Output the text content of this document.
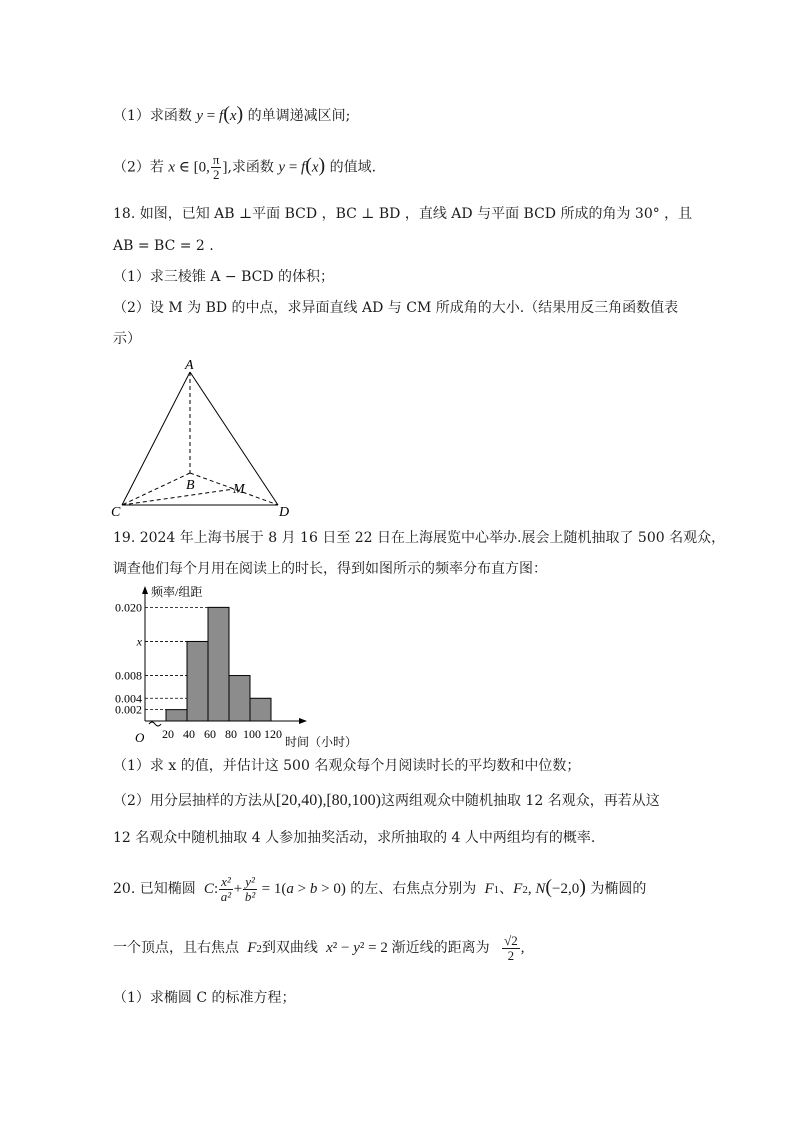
（1）求函数 y = f(x) 的单调递减区间;
（2）若 x ∈ [0, $\frac{\pi}{2}$ ],求函数 y = f(x) 的值域.
18. 如图，已知 AB ⊥平面 BCD ，BC ⊥ BD ，直线 AD 与平面 BCD 所成的角为 30° ，且
AB = BC = 2 .
（1）求三棱锥 A − BCD 的体积；
（2）设 M 为 BD 的中点，求异面直线 AD 与 CM 所成角的大小.（结果用反三角函数值表
示）
A
B
C	D
M
19. 2024 年上海书展于 8 月 16 日至 22 日在上海展览中心举办.展会上随机抽取了 500 名观众，
调查他们每个月用在阅读上的时长，得到如图所示的频率分布直方图：
频率/组距
时间（小时）
O
0.020
x
0.008
0.004
0.002
20 40 60 80 100 120
（1）求 x 的值，并估计这 500 名观众每个月阅读时长的平均数和中位数；
（2）用分层抽样的方法从[20,40),[80,100)这两组观众中随机抽取 12 名观众，再若从这
12 名观众中随机抽取 4 人参加抽奖活动，求所抽取的 4 人中两组均有的概率.
20. 已知椭圆  C: $\frac{\text{x²}}{\text{a²}} + \frac{\text{y²}}{\text{b²}} = 1(a > b > 0)$ 的左、右焦点分别为  F1、F2, N(−2,0) 为椭圆的
一个顶点，且右焦点  F2到双曲线  x² − y² = 2 渐近线的距离为 $\frac{√2}{2}$ ,
（1）求椭圆 C 的标准方程；
